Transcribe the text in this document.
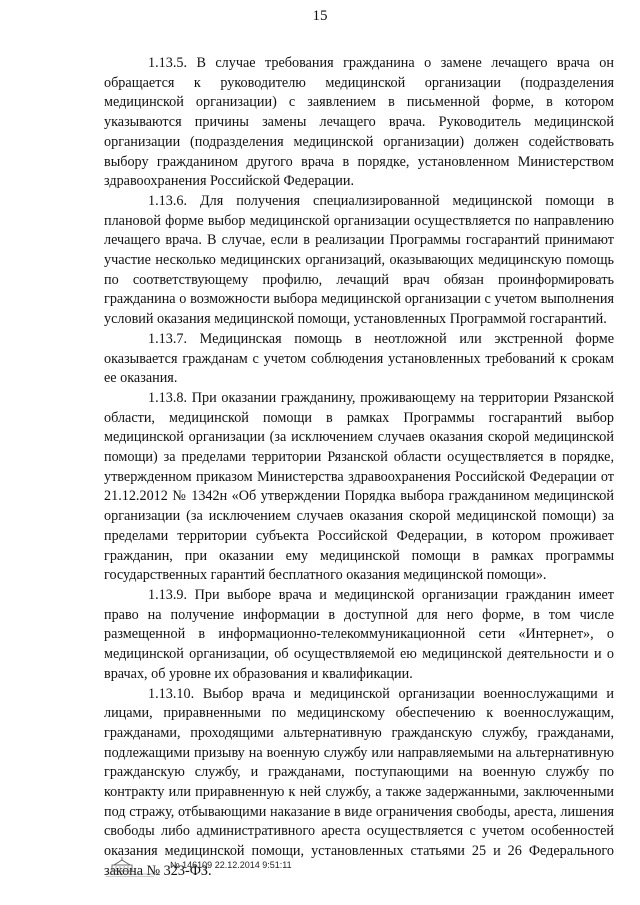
15

1.13.5. В случае требования гражданина о замене лечащего врача он обращается к руководителю медицинской организации (подразделения медицинской организации) с заявлением в письменной форме, в котором указываются причины замены лечащего врача. Руководитель медицинской организации (подразделения медицинской организации) должен содействовать выбору гражданином другого врача в порядке, установленном Министерством здравоохранения Российской Федерации.

1.13.6. Для получения специализированной медицинской помощи в плановой форме выбор медицинской организации осуществляется по направлению лечащего врача. В случае, если в реализации Программы госгарантий принимают участие несколько медицинских организаций, оказывающих медицинскую помощь по соответствующему профилю, лечащий врач обязан проинформировать гражданина о возможности выбора медицинской организации с учетом выполнения условий оказания медицинской помощи, установленных Программой госгарантий.

1.13.7. Медицинская помощь в неотложной или экстренной форме оказывается гражданам с учетом соблюдения установленных требований к срокам ее оказания.

1.13.8. При оказании гражданину, проживающему на территории Рязанской области, медицинской помощи в рамках Программы госгарантий выбор медицинской организации (за исключением случаев оказания скорой медицинской помощи) за пределами территории Рязанской области осуществляется в порядке, утвержденном приказом Министерства здравоохранения Российской Федерации от 21.12.2012 № 1342н «Об утверждении Порядка выбора гражданином медицинской организации (за исключением случаев оказания скорой медицинской помощи) за пределами территории субъекта Российской Федерации, в котором проживает гражданин, при оказании ему медицинской помощи в рамках программы государственных гарантий бесплатного оказания медицинской помощи».

1.13.9. При выборе врача и медицинской организации гражданин имеет право на получение информации в доступной для него форме, в том числе размещенной в информационно-телекоммуникационной сети «Интернет», о медицинской организации, об осуществляемой ею медицинской деятельности и о врачах, об уровне их образования и квалификации.

1.13.10. Выбор врача и медицинской организации военнослужащими и лицами, приравненными по медицинскому обеспечению к военнослужащим, гражданами, проходящими альтернативную гражданскую службу, гражданами, подлежащими призыву на военную службу или направляемыми на альтернативную гражданскую службу, и гражданами, поступающими на военную службу по контракту или приравненную к ней службу, а также задержанными, заключенными под стражу, отбывающими наказание в виде ограничения свободы, ареста, лишения свободы либо административного ареста осуществляется с учетом особенностей оказания медицинской помощи, установленных статьями 25 и 26 Федерального закона № 323-ФЗ.

№ 146109 22.12.2014 9:51:11
